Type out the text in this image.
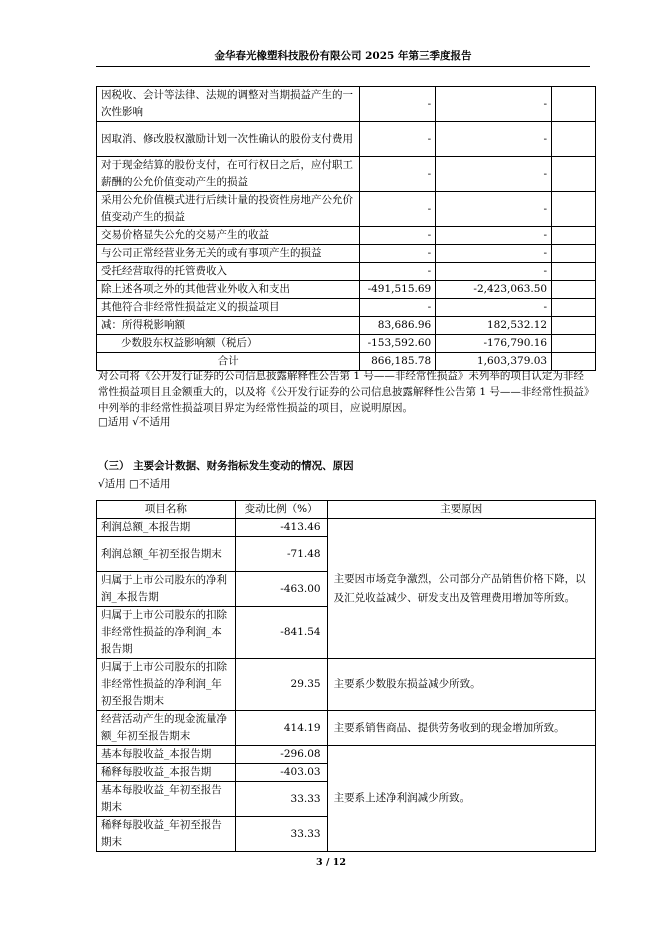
金华春光橡塑科技股份有限公司 2025 年第三季度报告
因税收、会计等法律、法规的调整对当期损益产生的一次性影响	-	-	
因取消、修改股权激励计划一次性确认的股份支付费用	-	-	
对于现金结算的股份支付，在可行权日之后，应付职工薪酬的公允价值变动产生的损益	-	-	
采用公允价值模式进行后续计量的投资性房地产公允价值变动产生的损益	-	-	
交易价格显失公允的交易产生的收益	-	-	
与公司正常经营业务无关的或有事项产生的损益	-	-	
受托经营取得的托管费收入	-	-	
除上述各项之外的其他营业外收入和支出	-491,515.69	-2,423,063.50	
其他符合非经常性损益定义的损益项目	-	-	
减：所得税影响额	83,686.96	182,532.12	
少数股东权益影响额（税后）	-153,592.60	-176,790.16	
合计	866,185.78	1,603,379.03	
对公司将《公开发行证券的公司信息披露解释性公告第 1 号——非经常性损益》未列举的项目认定为非经常性损益项目且金额重大的，以及将《公开发行证券的公司信息披露解释性公告第 1 号——非经常性损益》中列举的非经常性损益项目界定为经常性损益的项目，应说明原因。
□适用 √不适用
（三） 主要会计数据、财务指标发生变动的情况、原因
√适用 □不适用
项目名称	变动比例（%）	主要原因
利润总额_本报告期	-413.46	主要因市场竞争激烈，公司部分产品销售价格下降，以及汇兑收益减少、研发支出及管理费用增加等所致。
利润总额_年初至报告期末	-71.48	
归属于上市公司股东的净利润_本报告期	-463.00	
归属于上市公司股东的扣除非经常性损益的净利润_本报告期	-841.54	
归属于上市公司股东的扣除非经常性损益的净利润_年初至报告期末	29.35	主要系少数股东损益减少所致。
经营活动产生的现金流量净额_年初至报告期末	414.19	主要系销售商品、提供劳务收到的现金增加所致。
基本每股收益_本报告期	-296.08	主要系上述净利润减少所致。
稀释每股收益_本报告期	-403.03	
基本每股收益_年初至报告期末	33.33	
稀释每股收益_年初至报告期末	33.33	
3 / 12
